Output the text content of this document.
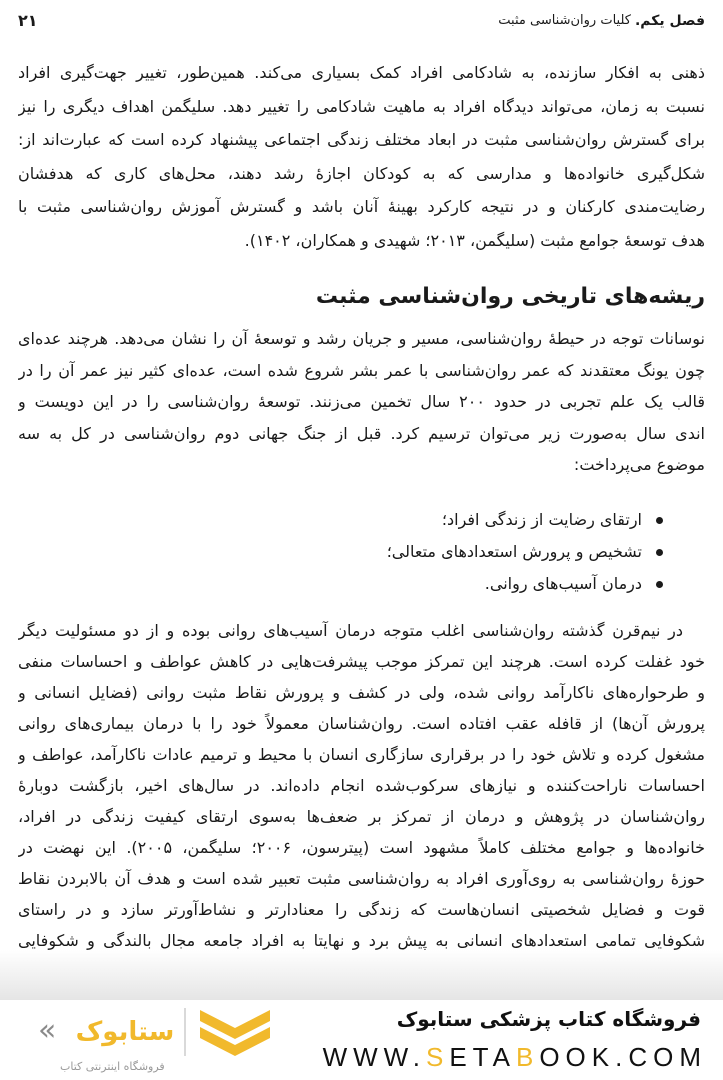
فصل یکم.
کلیات روان‌شناسی مثبت
۲۱
ذهنی به افکار سازنده، به شادکامی افراد کمک بسیاری می‌کند. همین‌طور، تغییر جهت‌گیری افراد
نسبت به زمان، می‌تواند دیدگاه افراد به ماهیت شادکامی را تغییر دهد. سلیگمن اهداف دیگری را نیز
برای گسترش روان‌شناسی مثبت در ابعاد مختلف زندگی اجتماعی پیشنهاد کرده است که عبارت‌اند از:
شکل‌گیری خانواده‌ها و مدارسی که به کودکان اجازهٔ رشد دهند، محل‌های کاری که هدفشان
رضایت‌مندی کارکنان و در نتیجه کارکرد بهینهٔ آنان باشد و گسترش آموزش روان‌شناسی مثبت با
هدف توسعهٔ جوامع مثبت (سلیگمن، ۲۰۱۳؛ شهیدی و همکاران، ۱۴۰۲).
ریشه‌های تاریخی روان‌شناسی مثبت
نوسانات توجه در حیطهٔ روان‌شناسی، مسیر و جریان رشد و توسعهٔ آن را نشان می‌دهد. هرچند عده‌ای
چون یونگ معتقدند که عمر روان‌شناسی با عمر بشر شروع شده است، عده‌ای کثیر نیز عمر آن را در
قالب یک علم تجربی در حدود ۲۰۰ سال تخمین می‌زنند. توسعهٔ روان‌شناسی را در این دویست و
اندی سال به‌صورت زیر می‌توان ترسیم کرد. قبل از جنگ جهانی دوم روان‌شناسی در کل به سه
موضوع می‌پرداخت:
ارتقای رضایت از زندگی افراد؛
تشخیص و پرورش استعدادهای متعالی؛
درمان آسیب‌های روانی.
در نیم‌قرن گذشته روان‌شناسی اغلب متوجه درمان آسیب‌های روانی بوده و از دو مسئولیت دیگر
خود غفلت کرده است. هرچند این تمرکز موجب پیشرفت‌هایی در کاهش عواطف و احساسات منفی
و طرحواره‌های ناکارآمد روانی شده، ولی در کشف و پرورش نقاط مثبت روانی (فضایل انسانی و
پرورش آن‌ها) از قافله عقب افتاده است. روان‌شناسان معمولاً خود را با درمان بیماری‌های روانی
مشغول کرده و تلاش خود را در برقراری سازگاری انسان با محیط و ترمیم عادات ناکارآمد، عواطف و
احساسات ناراحت‌کننده و نیازهای سرکوب‌شده انجام داده‌اند. در سال‌های اخیر، بازگشت دوبارهٔ
روان‌شناسان در پژوهش و درمان از تمرکز بر ضعف‌ها به‌سوی ارتقای کیفیت زندگی در افراد،
خانواده‌ها و جوامع مختلف کاملاً مشهود است (پیترسون، ۲۰۰۶؛ سلیگمن، ۲۰۰۵). این نهضت در
حوزهٔ روان‌شناسی به روی‌آوری افراد به روان‌شناسی مثبت تعبیر شده است و هدف آن بالابردن نقاط
قوت و فضایل شخصیتی انسان‌هاست که زندگی را معنادارتر و نشاط‌آورتر سازد و در راستای
شکوفایی تمامی استعدادهای انسانی به پیش برد و نهایتا به افراد جامعه مجال بالندگی و شکوفایی
« ستابوک
فروشگاه اینترنتی کتاب
فروشگاه کتاب پزشکی ستابوک
WWW.SETABOOK.COM
